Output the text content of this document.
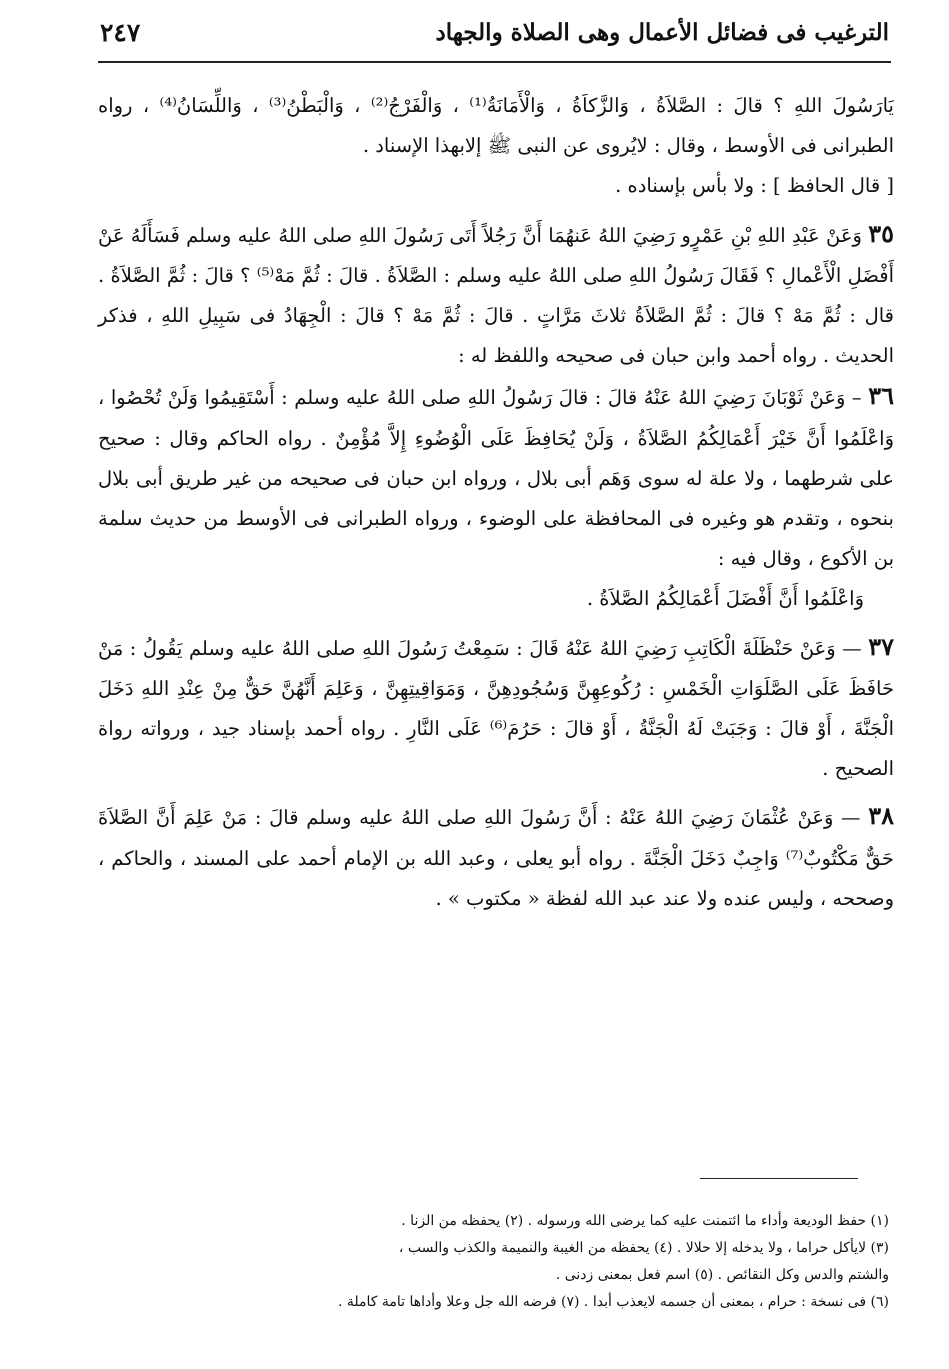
الترغيب فى فضائل الأعمال وهى الصلاة والجهاد
٢٤٧

يَارَسُولَ اللهِ ؟ قالَ : الصَّلاَةُ ، وَالزَّكاَةُ ، وَالْأَمَانَةُ⁽¹⁾ ، وَالْفَرْجُ⁽²⁾ ، وَالْبَطْنُ⁽³⁾ ، وَاللِّسَانُ⁽⁴⁾ ، رواه الطبرانى فى الأوسط ، وقال : لايُروى عن النبى ﷺ إلابهذا الإسناد .

[ قال الحافظ ] : ولا بأس بإسناده .

٣٥ وَعَنْ عَبْدِ اللهِ بْنِ عَمْرٍو رَضِيَ اللهُ عَنهُمَا أَنَّ رَجُلاً أَتَى رَسُولَ اللهِ صلى اللهُ عليه وسلم فَسَأَلَهُ عَنْ أَفْضَلِ الْأَعْمالِ ؟ فَقَالَ رَسُولُ اللهِ صلى اللهُ عليه وسلم : الصَّلاَةُ . قالَ : ثُمَّ مَهْ⁽⁵⁾ ؟ قالَ : ثُمَّ الصَّلاَةُ . قال : ثُمَّ مَهْ ؟ قالَ : ثُمَّ الصَّلاَةُ ثلاثَ مَرَّاتٍ . قالَ : ثُمَّ مَهْ ؟ قالَ : الْجِهَادُ فى سَبِيلِ اللهِ ، فذكر الحديث . رواه أحمد وابن حبان فى صحيحه واللفظ له :

٣٦ – وَعَنْ ثَوْبَانَ رَضِيَ اللهُ عَنْهُ قالَ : قالَ رَسُولُ اللهِ صلى اللهُ عليه وسلم : أَسْتَقِيمُوا وَلَنْ تُحْصُوا ، وَاعْلَمُوا أَنَّ خَيْرَ أَعْمَالِكُمُ الصَّلاَةُ ، وَلَنْ يُحَافِظَ عَلَى الْوُضُوءِ إِلاَّ مُؤْمِنٌ . رواه الحاكم وقال : صحيح على شرطهما ، ولا علة له سوى وَهَم أبى بلال ، ورواه ابن حبان فى صحيحه من غير طريق أبى بلال بنحوه ، وتقدم هو وغيره فى المحافظة على الوضوء ، ورواه الطبرانى فى الأوسط من حديث سلمة بن الأكوع ، وقال فيه :

وَاعْلَمُوا أَنَّ أَفْضَلَ أَعْمَالِكُمُ الصَّلاَةُ .

٣٧ — وَعَنْ حَنْظَلَةَ الْكَاتِبِ رَضِيَ اللهُ عَنْهُ قَالَ : سَمِعْتُ رَسُولَ اللهِ صلى اللهُ عليه وسلم يَقُولُ : مَنْ حَافَظَ عَلَى الصَّلَوَاتِ الْخَمْسِ : رُكُوعِهِنَّ وَسُجُودِهِنَّ ، وَمَوَاقِيتِهِنَّ ، وَعَلِمَ أَنَّهُنَّ حَقٌّ مِنْ عِنْدِ اللهِ دَخَلَ الْجَنَّةَ ، أَوْ قالَ : وَجَبَتْ لَهُ الْجَنَّةُ ، أَوْ قالَ : حَرُمَ⁽⁶⁾ عَلَى النَّارِ . رواه أحمد بإسناد جيد ، ورواته رواة الصحيح .

٣٨ — وَعَنْ عُثْمَانَ رَضِيَ اللهُ عَنْهُ : أَنَّ رَسُولَ اللهِ صلى اللهُ عليه وسلم قالَ : مَنْ عَلِمَ أَنَّ الصَّلاَةَ حَقٌّ مَكْتُوبٌ⁽⁷⁾ وَاجِبٌ دَخَلَ الْجَنَّةَ . رواه أبو يعلى ، وعبد الله بن الإمام أحمد على المسند ، والحاكم ، وصححه ، وليس عنده ولا عند عبد الله لفظة « مكتوب » .

(١) حفظ الوديعة وأداء ما ائتمنت عليه كما يرضى الله ورسوله . (٢) يحفظه من الزنا .
(٣) لايأكل حراما ، ولا يدخله إلا حلالا . (٤) يحفظه من الغيبة والنميمة والكذب والسب ،
والشتم والدس وكل النقائص . (٥) اسم فعل بمعنى زدنى .
(٦) فى نسخة : حرام ، بمعنى أن جسمه لايعذب أبدا . (٧) فرضه الله جل وعلا وأداها تامة كاملة .
